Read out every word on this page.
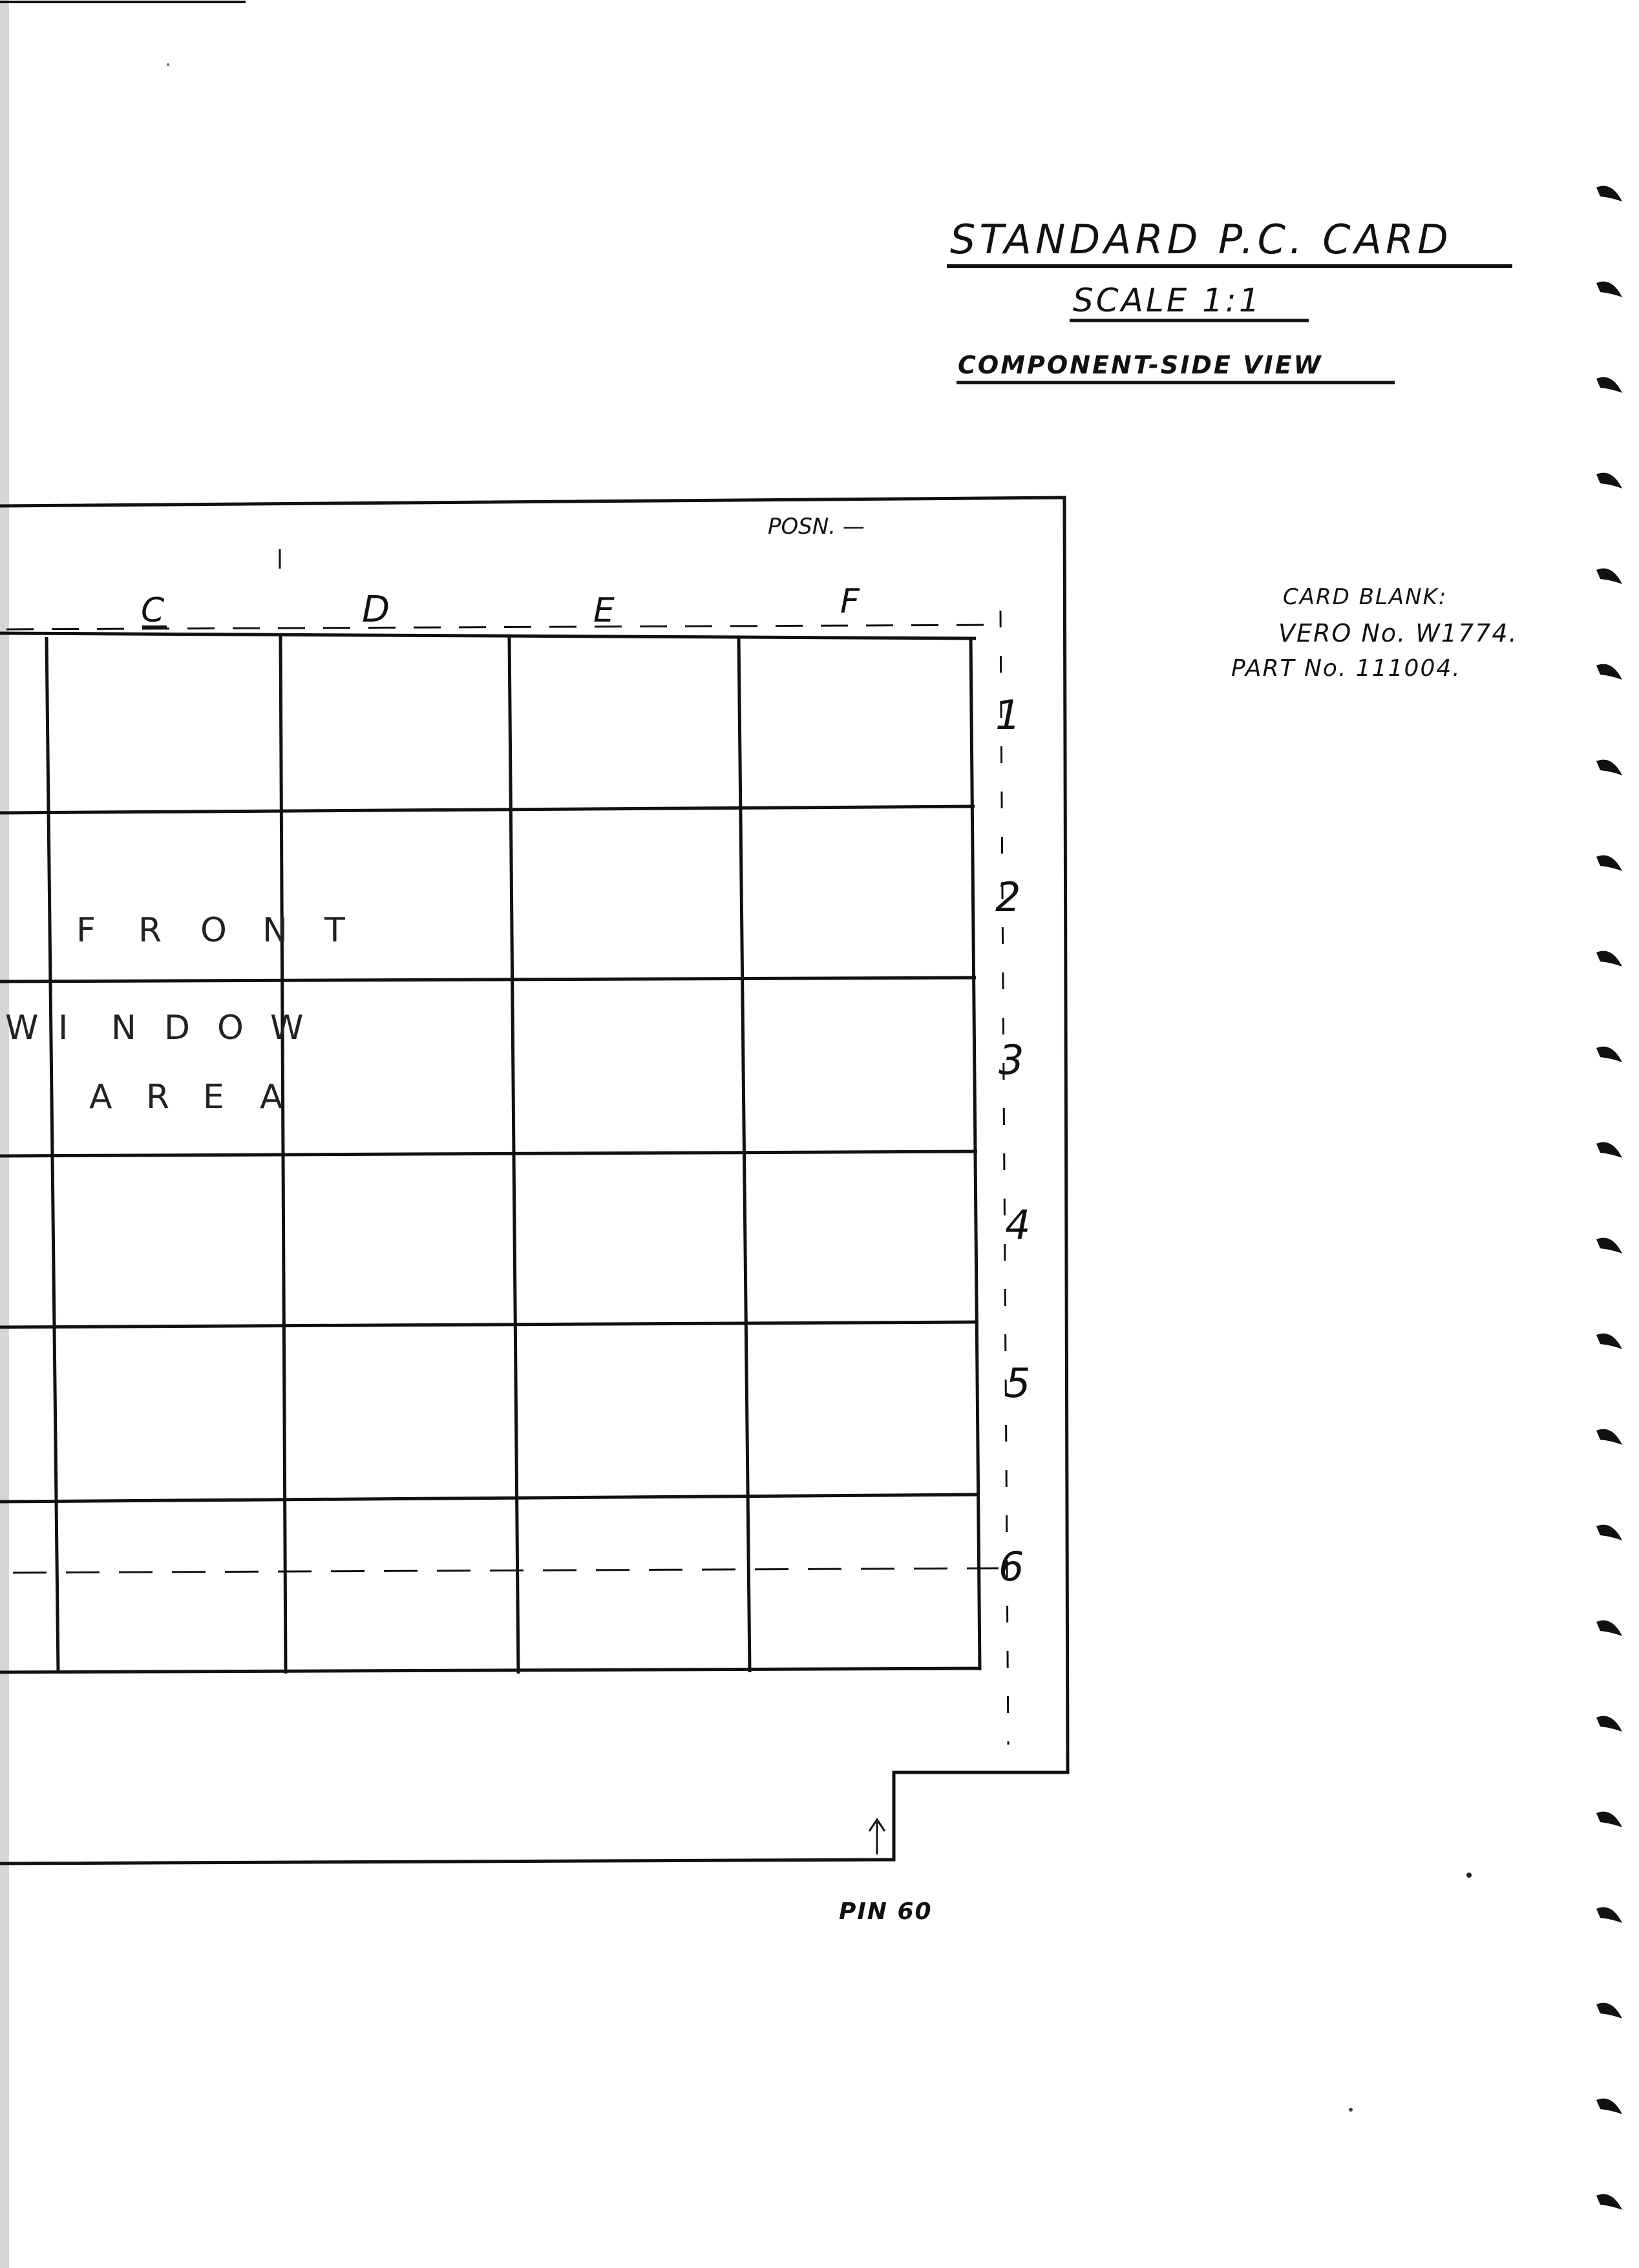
STANDARD P.C. CARD
SCALE 1:1
COMPONENT-SIDE VIEW
CARD BLANK:
VERO No. W1774.
PART No. 111004.
POSN. —
C	D	E	F
1
2
3
4
5
6
F R O N T
W I N D O W
A R E A
PIN 60
